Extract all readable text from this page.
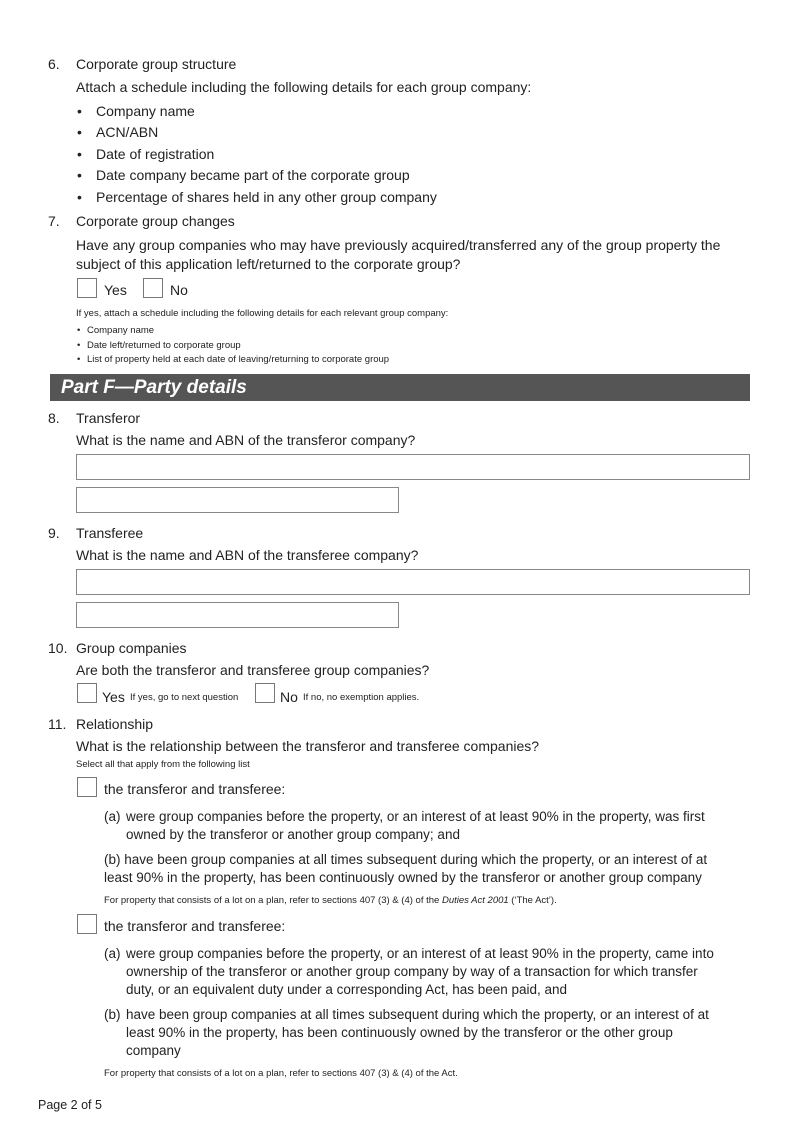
6. Corporate group structure
Attach a schedule including the following details for each group company:
• Company name
• ACN/ABN
• Date of registration
• Date company became part of the corporate group
• Percentage of shares held in any other group company
7. Corporate group changes
Have any group companies who may have previously acquired/transferred any of the group property the
subject of this application left/returned to the corporate group?
Yes	No
If yes, attach a schedule including the following details for each relevant group company:
• Company name
• Date left/returned to corporate group
• List of property held at each date of leaving/returning to corporate group
Part F—Party details
8. Transferor
What is the name and ABN of the transferor company?
9. Transferee
What is the name and ABN of the transferee company?
10. Group companies
Are both the transferor and transferee group companies?
Yes If yes, go to next question	No If no, no exemption applies.
11. Relationship
What is the relationship between the transferor and transferee companies?
Select all that apply from the following list
the transferor and transferee:
(a) were group companies before the property, or an interest of at least 90% in the property, was first
owned by the transferor or another group company; and
(b) have been group companies at all times subsequent during which the property, or an interest of at
least 90% in the property, has been continuously owned by the transferor or another group company
For property that consists of a lot on a plan, refer to sections 407 (3) & (4) of the Duties Act 2001 (‘The Act’).
the transferor and transferee:
(a) were group companies before the property, or an interest of at least 90% in the property, came into
ownership of the transferor or another group company by way of a transaction for which transfer
duty, or an equivalent duty under a corresponding Act, has been paid, and
(b) have been group companies at all times subsequent during which the property, or an interest of at
least 90% in the property, has been continuously owned by the transferor or the other group
company
For property that consists of a lot on a plan, refer to sections 407 (3) & (4) of the Act.
Page 2 of 5
